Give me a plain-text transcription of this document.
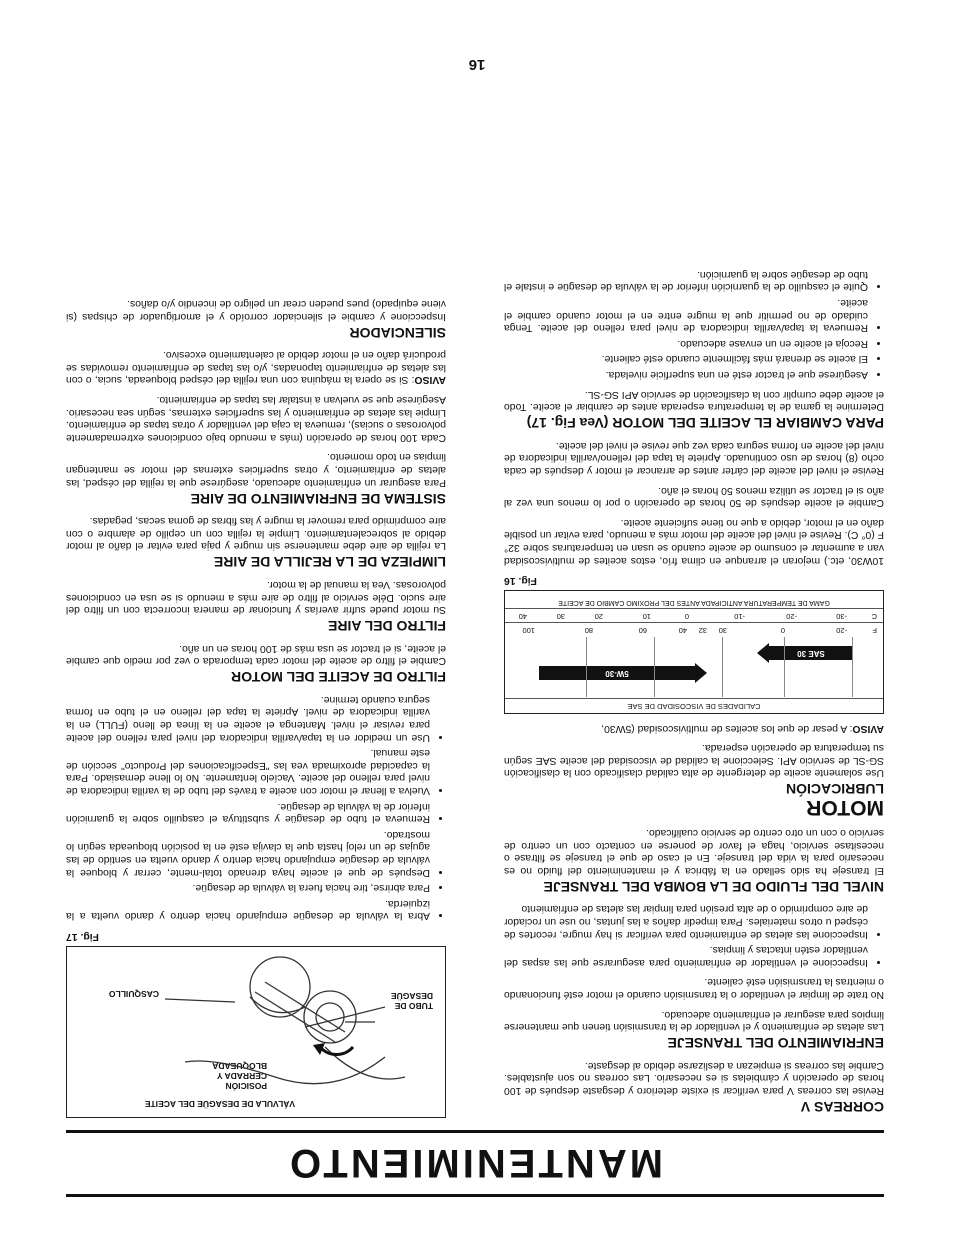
MANTENIMIENTO
CORREAS V

Revise las correas V para verificar si existe deterioro y desgaste después de 100 horas de operación y cámbielas si es necesario. Las correas no son ajustables. Cambie las correas si empiezan a deslizarse debido al desgaste.

ENFRIAMIENTO DEL TRANSEJE

Las aletas de enfriamiento y el ventilador de la transmisión tienen que mantenerse limpios para asegurar el enfriamiento adecuado.

No trate de limpiar el ventilador o la transmisión cuando el motor esté funcionando o mientras la transmisión esté caliente.

• Inspeccione el ventilador de enfriamiento para asegurarse que las aspas del ventilador estén intactas y limpias.
• Inspeccione las aletas de enfriamiento para verificar si hay mugre, recortes de césped u otros materiales. Para impedir daños a las juntas, no use un rociador de aire comprimido o de alta presión para limpiar las aletas de enfriamiento
NIVEL DEL FLUIDO DE LA BOMBA DEL TRANSEJE

El transeje ha sido sellado en la fábrica y el mantenimiento del fluido no es necesario para la vida del transeje. En el caso de que el transeje se filtrase o necesitase servicio, haga el favor de ponerse en contacto con un centro de servicio o con un otro centro de servicio cualificado.

MOTOR
LUBRICACIÓN

Use solamente aceite de detergente de alta calidad clasificado con la clasificación SG-SL de servicio API. Seleccione la calidad de viscosidad del aceite SAE según su temperatura de operación esperada.

AVISO: A pesar de que los aceites de multiviscosidad (5W30,

CALIDADES DE VISCOSIDAD DE SAE
5W-30
SAE 30
F
-20
0
30
32
40
60
80
100
C
-30
-20
-10
0
10
20
30
40
GAMA DE TEMPERATURA ANTICIPADA ANTES DEL PROXIMO CAMBIO DE ACEITE
Fig. 16

10W30, etc.) mejoran el arranque en clima frío, estos aceites de multiviscosidad van a aumentar el consumo de aceite cuando se usan en temperaturas sobre 32° F (0° C). Revise el nivel del aceite del motor más a menudo, para evitar un posible daño en el motor, debido a que no tiene suficiente aceite.

Cambie el aceite después de 50 horas de operación o por lo menos una vez al año si el tractor se utiliza menos 50 horas el año.

Revise el nivel del aceite del cárter antes de arrancar el motor y después de cada ocho (8) horas de uso continuado. Apriete la tapa del relleno/varilla indicadora de nivel del aceite en forma segura cada vez que revise el nivel del aceite.

PARA CAMBIAR EL ACEITE DEL MOTOR (Vea Fig. 17)

Determine la gama de la temperatura esperada antes de cambiar el aceite. Todo el aceite debe cumplir con la clasificación de servicio API SG-SL.

• Asegúrese que el tractor esté en una superficie nivelada.
• El aceite se drenará más fácilmente cuando esté caliente.
• Recoja el aceite en un envase adecuado.
• Remueva la tapa/varilla indicadora de nivel para relleno del aceite. Tenga cuidado de no permitir que la mugre entre en el motor cuando cambie el aceite.
• Quite el casquillo de la guarnición inferior de la válvula de desagüe e instale el tubo de desagüe sobre la guarnición.
VÁLVULA DE DESAGÜE DEL ACEITE
POSICIÓN CERRADA Y BLOQUEADA
CASQUILLO
TUBO DE DESAGÜE
Fig. 17
• Abra la válvula de desagüe empujando hacia dentro y dando vuelta a la izquierda.
• Para abrirse, tire hacia fuera la válvula de desagüe.
• Después de que el aceite haya drenado total-mente, cerrar y bloquee la válvula de desagüe empujando hacia dentro y dando vuelta en sentido de las agujas de un reloj hasta que la clavija esté en la posición bloqueada según lo mostrado.
• Remueva el tubo de desagüe y substituya el casquillo sobre la guarnición inferior de la válvula de desagüe.
• Vuelva a llenar el motor con aceite a través del tubo de la varilla indicadora de nivel para relleno del aceite. Vacíelo lentamente. No lo llene demasiado. Para la capacidad aproximada vea las "Especificaciones del Producto" sección de este manual.
• Use un medidor en la tapa/varilla indicadora del nivel para relleno del aceite para revisar el nivel. Mantenga el aceite en la línea de lleno (FULL) en la varilla indicadora de nivel. Apriete la tapa del relleno en el tubo en forma segura cuando termine.
FILTRO DE ACEITE DEL MOTOR

Cambie el filtro de aceite del motor cada temporada o vez por medio que cambie el aceite, si el tractor se usa más de 100 horas en un año.

FILTRO DEL AIRE

Su motor puede sufrir averías y funcionar de manera incorrecta con un filtro del aire sucio. Déle servicio al filtro de aire más a menudo si se usa en condiciones polvorosas. Vea la manual de la motor.

LIMPIEZA DE LA REJILLA DE AIRE

La rejilla de aire debe mantenerse sin mugre y paja para evitar el daño al motor debido al sobrecalentamiento. Limpie la rejilla con un cepillo de alambre o con aire comprimido para remover la mugre y las fibras de goma secas, pegadas.

SISTEMA DE ENFRIAMIENTO DE AIRE

Para asegurar un enfriamiento adecuado, asegúrese que la rejilla del césped, las aletas de enfriamiento, y otras superficies externas del motor se mantengan limpias en todo momento.

Cada 100 horas de operación (más a menudo bajo condiciones extremadamente polvorosas o sucias), remueva la caja del ventilador y otras tapas de enfriamiento. Limpie las aletas de enfriamiento y las superficies externas, según sea necesario. Asegúrese que se vuelvan a instalar las tapas de enfriamiento.

AVISO: Si se opera la máquina con una rejilla del césped bloqueada, sucia, o con las aletas de enfriamiento taponadas, y/o las tapas de enfriamiento removidas se producirá daño en el motor debido al calentamiento excesivo.

SILENCIADOR

Inspeccione y cambie el silenciador corroído y el amortiguador de chispas (si viene equipado) pues pueden crear un peligro de incendio y/o daños.

16
